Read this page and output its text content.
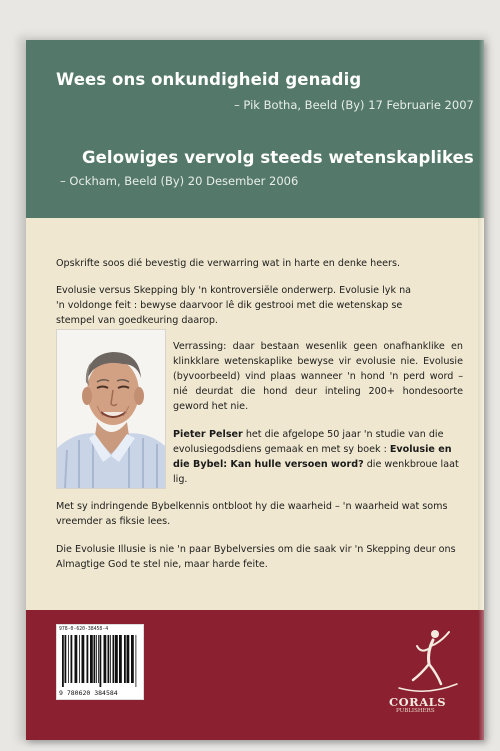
Wees ons onkundigheid genadig
– Pik Botha, Beeld (By) 17 Februarie 2007
Gelowiges vervolg steeds wetenskaplikes
– Ockham, Beeld (By) 20 Desember 2006
Opskrifte soos dié bevestig die verwarring wat in harte en denke heers.
Evolusie versus Skepping bly 'n kontroversiële onderwerp. Evolusie lyk na
'n voldonge feit : bewyse daarvoor lê dik gestrooi met die wetenskap se
stempel van goedkeuring daarop.
Verrassing: daar bestaan wesenlik geen onafhanklike en klinkklare wetenskaplike bewyse vir evolusie nie. Evolusie (byvoorbeeld) vind plaas wanneer 'n hond 'n perd word – nié deurdat die hond deur inteling 200+ hondesoorte geword het nie.
Pieter Pelser het die afgelope 50 jaar 'n studie van die evolusiegodsdiens gemaak en met sy boek : Evolusie en die Bybel: Kan hulle versoen word? die wenkbroue laat lig.
Met sy indringende Bybelkennis ontbloot hy die waarheid – 'n waarheid wat soms vreemder as fiksie lees.
Die Evolusie Illusie is nie 'n paar Bybelversies om die saak vir 'n Skepping deur ons Almagtige God te stel nie, maar harde feite.
978-0-620-38458-4
9 780620 384584
CORALS
PUBLISHERS
